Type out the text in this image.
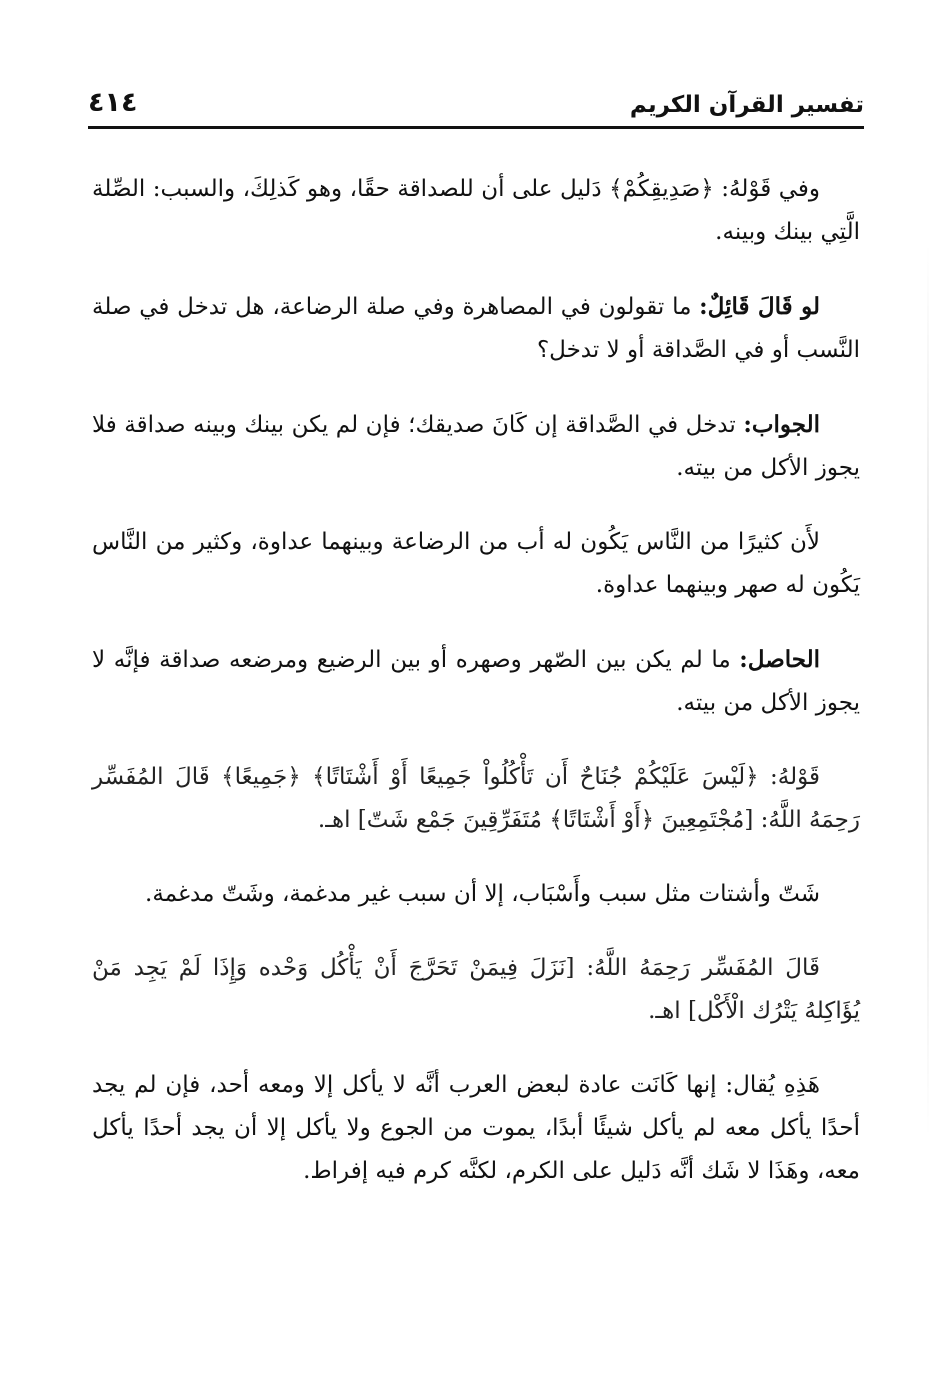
تفسير القرآن الكريم
٤١٤

وفي قَوْلهُ: ﴿صَدِيقِكُمْ﴾ دَليل على أن للصداقة حقًا، وهو كَذلِكَ، والسبب: الصِّلة الَّتِي بينك وبينه.

لو قَالَ قَائِلٌ: ما تقولون في المصاهرة وفي صلة الرضاعة، هل تدخل في صلة النَّسب أو في الصَّداقة أو لا تدخل؟

الجواب: تدخل في الصَّداقة إن كَانَ صديقك؛ فإن لم يكن بينك وبينه صداقة فلا يجوز الأكل من بيته.

لأَن كثيرًا من النَّاس يَكُون له أب من الرضاعة وبينهما عداوة، وكثير من النَّاس يَكُون له صهر وبينهما عداوة.

الحاصل: ما لم يكن بين الصّهر وصهره أو بين الرضيع ومرضعه صداقة فإنَّه لا يجوز الأكل من بيته.

قَوْلهُ: ﴿لَيْسَ عَلَيْكُمْ جُنَاحٌ أَن تَأْكُلُواْ جَمِيعًا أَوْ أَشْتَاتًا﴾ ﴿جَمِيعًا﴾ قَالَ المُفَسِّر رَحِمَهُ اللَّهُ: [مُجْتَمِعِينَ ﴿أَوْ أَشْتَاتًا﴾ مُتَفَرِّقِينَ جَمْع شَتّ] اهـ.

شَتّ وأشتات مثل سبب وأَسْبَاب، إلا أن سبب غير مدغمة، وشَتّ مدغمة.

قَالَ المُفَسِّر رَحِمَهُ اللَّهُ: [نَزَلَ فِيمَنْ تَحَرَّجَ أَنْ يَأْكُل وَحْده وَإِذَا لَمْ يَجِد مَنْ يُؤَاكِلهُ يَتْرُك الْأَكْل] اهـ.

هَذِهِ يُقال: إنها كَانَت عادة لبعض العرب أنَّه لا يأكل إلا ومعه أحد، فإن لم يجد أحدًا يأكل معه لم يأكل شيئًا أبدًا، يموت من الجوع ولا يأكل إلا أن يجد أحدًا يأكل معه، وهَذَا لا شَك أنَّه دَليل على الكرم، لكنَّه كرم فيه إفراط.
